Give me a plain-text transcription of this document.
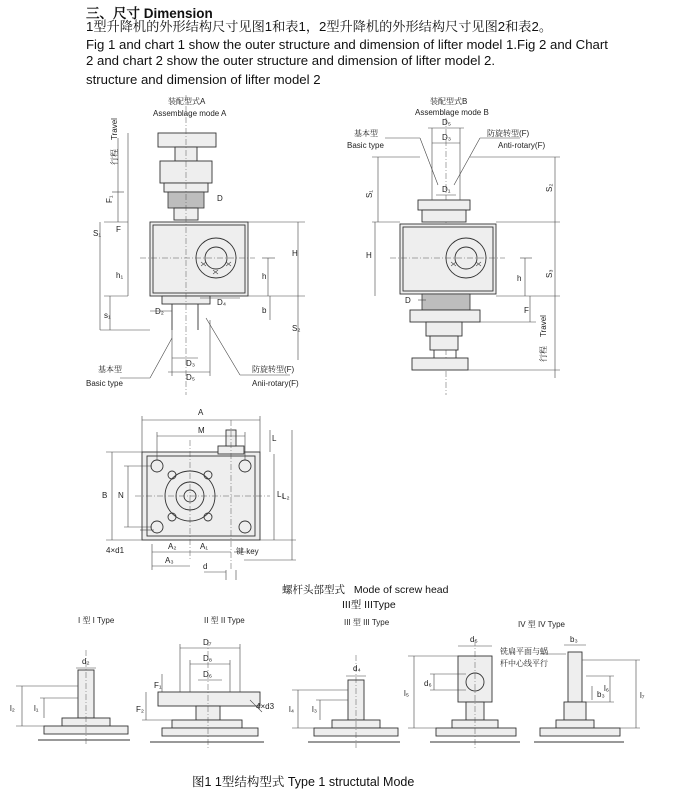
三、尺寸 Dimension
1型升降机的外形结构尺寸见图1和表1，2型升降机的外形结构尺寸见图2和表2。
Fig 1 and chart 1 show the outer structure and dimension of lifter model 1.Fig 2 and Chart
2 and chart 2 show the outer structure and dimension of lifter model 2.
structure and dimension of lifter model 2
装配型式A
Assemblage mode A
行程
Travel
F₁
F
S₁
D
H
h₁	h
s₁	D₂
D₄
b
S₂
D₃
D₅
基本型
Basic type
防旋转型(F)
Anii-rotary(F)
装配型式B
Assemblage mode B
D₅
D₃
D₁
基本型
Basic type
防旋转型(F)
Anti-rotary(F)
S₁
S₂
H
S₃
h
D
F
行程
Travel
A
M
L
B N	L₁
L₂
4×d1	A₂	A₁
A₃
d
键 key
I 型 I Type
d₂
l₂ l₁
II 型 II Type
D₇
D₈
D₆
F₁
F₂	4×d3
III 型 III Type
d₄
l₄ l₃
IV 型 IV Type
d₅	b₃
铣扁平面与蜗
杆中心线平行
l₅
d₆
b₃
l₆
l₇
螺杆头部型式 Mode of screw head
III型 IIIType
图1 1型结构型式 Type 1 structutal Mode
